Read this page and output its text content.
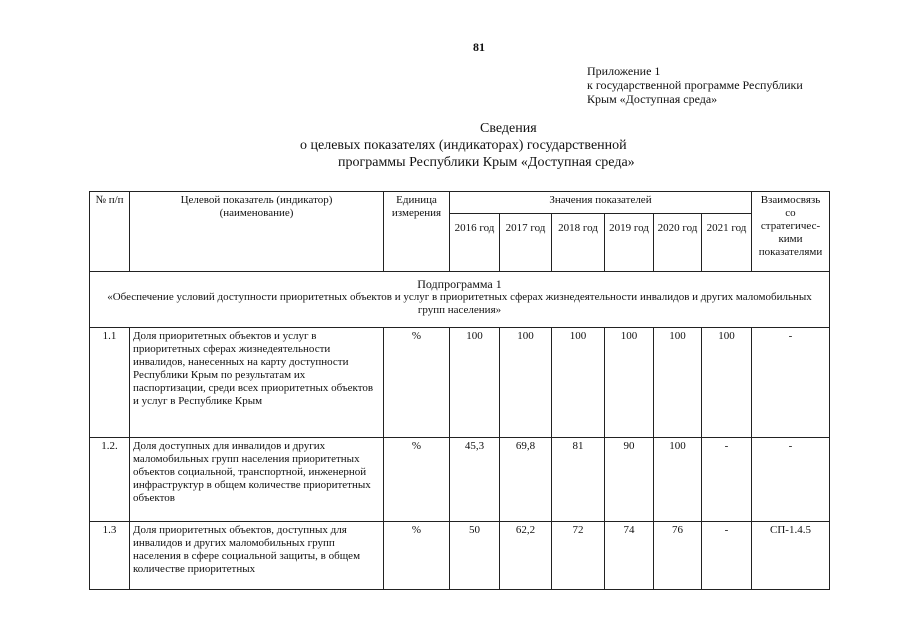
81
Приложение 1
к государственной программе Республики
Крым «Доступная среда»
Сведения
о целевых показателях (индикаторах) государственной
программы Республики Крым «Доступная среда»
№ п/п	Целевой показатель (индикатор) (наименование)	Единица измерения	Значения показателей						Взаимосвязь со стратегичес-кими показателями
			2016 год	2017 год	2018 год	2019 год	2020 год	2021 год	

Подпрограмма 1
«Обеспечение условий доступности приоритетных объектов и услуг в приоритетных сферах жизнедеятельности инвалидов и других маломобильных групп населения»									

1.1	Доля приоритетных объектов и услуг в приоритетных сферах жизнедеятельности инвалидов, нанесенных на карту доступности Республики Крым по результатам их паспортизации, среди всех приоритетных объектов и услуг в Республике Крым	%	100	100	100	100	100	100	-
1.2.	Доля доступных для инвалидов и других маломобильных групп населения приоритетных объектов социальной, транспортной, инженерной инфраструктур в общем количестве приоритетных объектов	%	45,3	69,8	81	90	100	-	-
1.3	Доля приоритетных объектов, доступных для инвалидов и других маломобильных групп населения в сфере социальной защиты, в общем количестве приоритетных	%	50	62,2	72	74	76	-	СП-1.4.5
